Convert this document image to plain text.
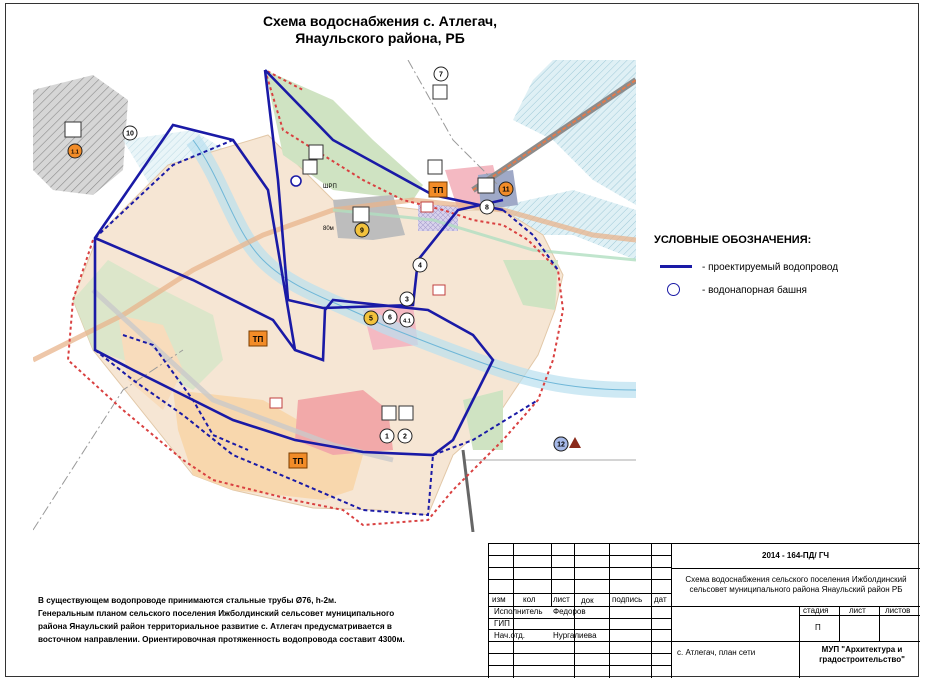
Схема водоснабжения с. Атлегач,
Янаульского района, РБ
ТП
ТП
ТП
ШРП
80м
10
1.1
7
11
8
9
4
3
5 6 4.1
1 2
12
УСЛОВНЫЕ ОБОЗНАЧЕНИЯ:
- проектируемый водопровод
- водонапорная башня
В существующем водопроводе принимаются стальные трубы Ø76, h-2м.
Генеральным планом сельского поселения Ижболдинский сельсовет муниципального
района Янаульский район территориальное развитие с. Атлегач предусматривается в
восточном направлении. Ориентировочная протяженность водопровода составит 4300м.
изм кол лист док подпись дат
Исполнитель Федоров
ГИП
Нач.отд.	Нургалиева
2014 - 164-ПД/ ГЧ
Схема водоснабжения сельского поселения Ижболдинский сельсовет муниципального района Янаульский район РБ
стадия	лист листов
П
с. Атлегач, план сети	МУП "Архитектура и градостроительство"
